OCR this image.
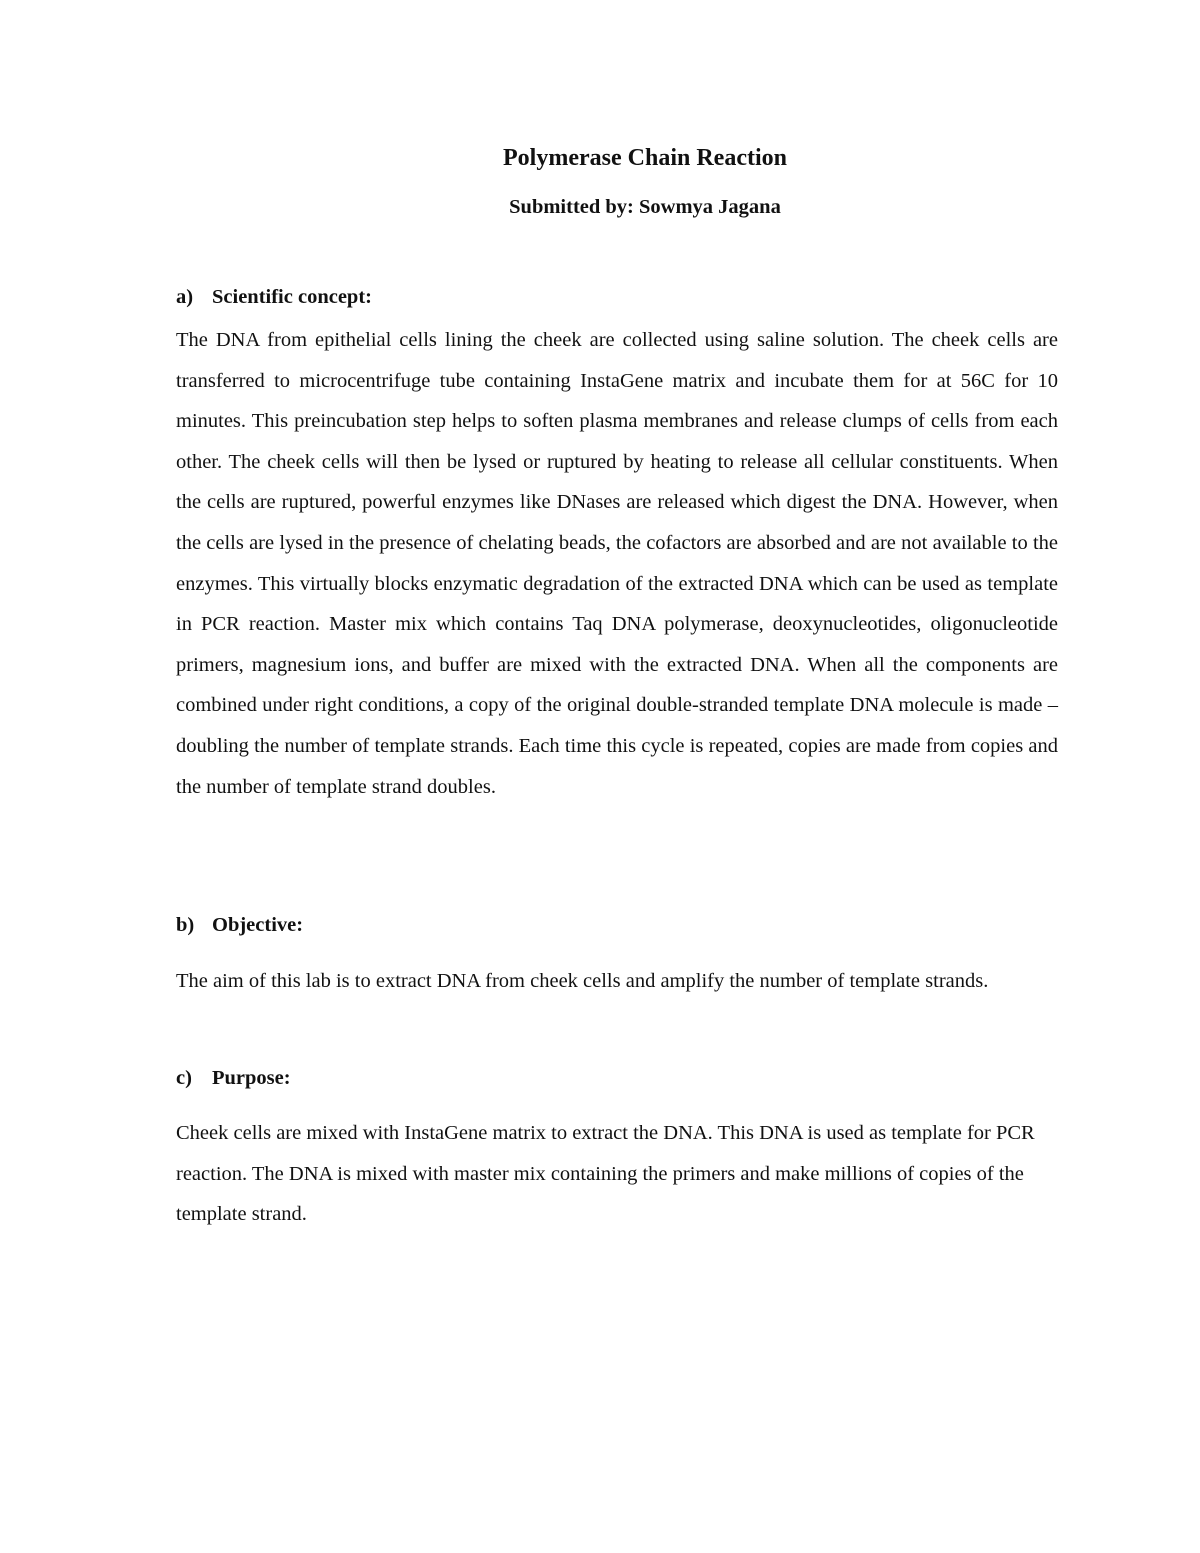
Polymerase Chain Reaction
Submitted by: Sowmya Jagana
a) Scientific concept:

The DNA from epithelial cells lining the cheek are collected using saline solution. The cheek cells are transferred to microcentrifuge tube containing InstaGene matrix and incubate them for at 56C for 10 minutes. This preincubation step helps to soften plasma membranes and release clumps of cells from each other. The cheek cells will then be lysed or ruptured by heating to release all cellular constituents. When the cells are ruptured, powerful enzymes like DNases are released which digest the DNA. However, when the cells are lysed in the presence of chelating beads, the cofactors are absorbed and are not available to the enzymes. This virtually blocks enzymatic degradation of the extracted DNA which can be used as template in PCR reaction. Master mix which contains Taq DNA polymerase, deoxynucleotides, oligonucleotide primers, magnesium ions, and buffer are mixed with the extracted DNA. When all the components are combined under right conditions, a copy of the original double-stranded template DNA molecule is made – doubling the number of template strands. Each time this cycle is repeated, copies are made from copies and the number of template strand doubles.

b) Objective:

The aim of this lab is to extract DNA from cheek cells and amplify the number of template strands.

c) Purpose:

Cheek cells are mixed with InstaGene matrix to extract the DNA. This DNA is used as template for PCR reaction. The DNA is mixed with master mix containing the primers and make millions of copies of the template strand.
